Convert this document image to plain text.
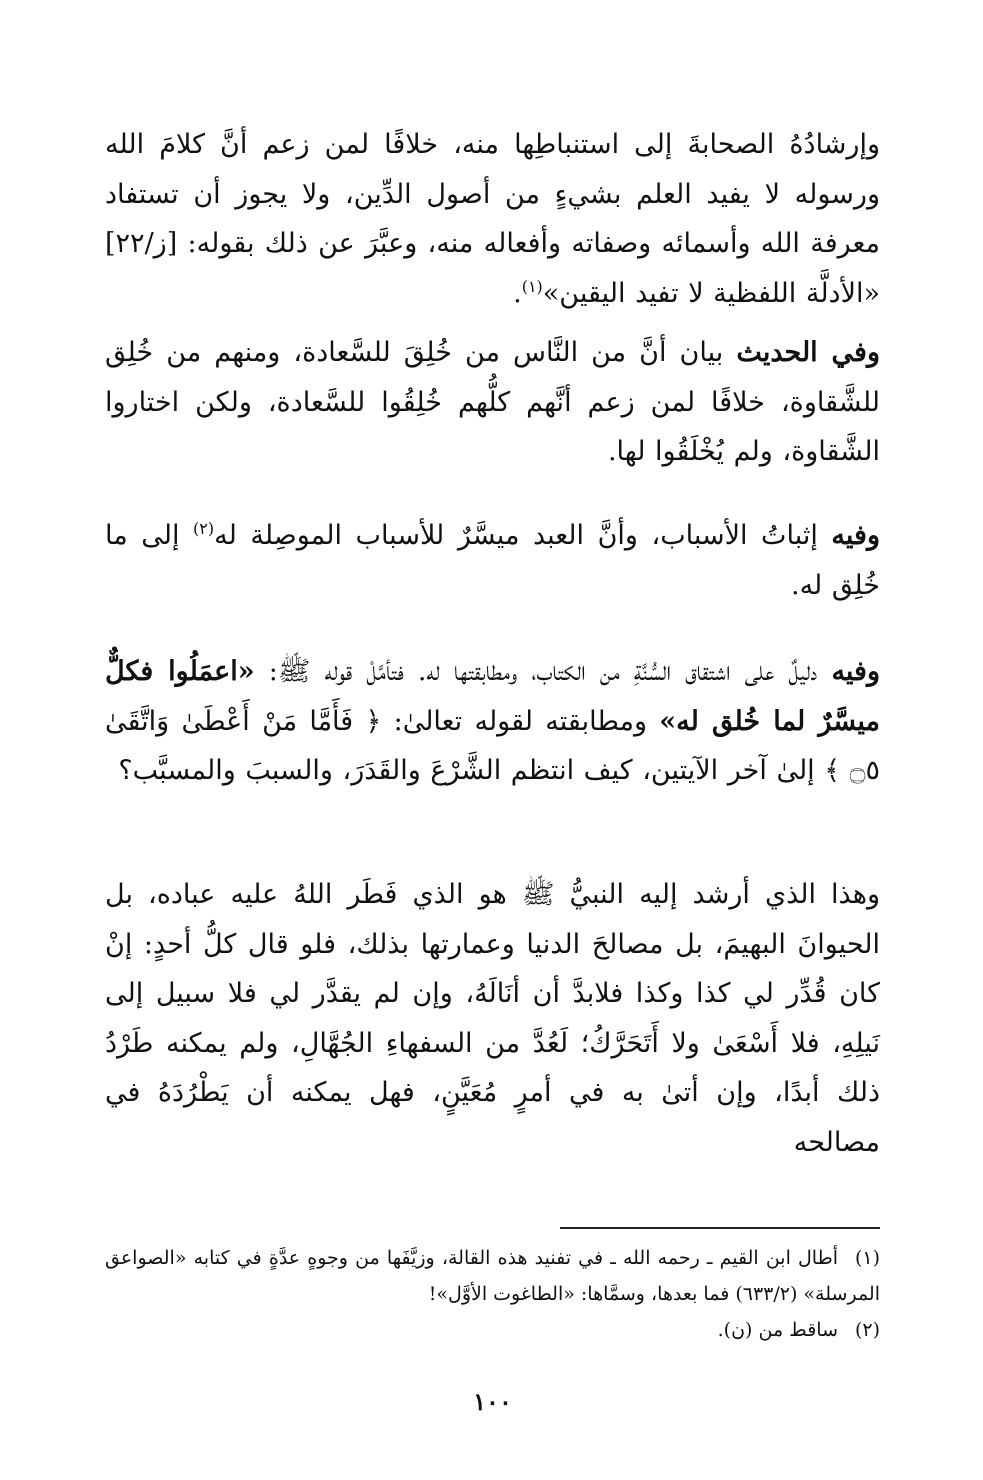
وإرشادُهُ الصحابةَ إلى استنباطِها منه، خلافًا لمن زعم أنَّ كلامَ الله ورسوله لا يفيد العلم بشيءٍ من أصول الدِّين، ولا يجوز أن تستفاد معرفة الله وأسمائه وصفاته وأفعاله منه، وعبَّرَ عن ذلك بقوله: [ز/٢٢] «الأدلَّة اللفظية لا تفيد اليقين»$^{(١)}$.

وفي الحديث بيان أنَّ من النَّاس من خُلِقَ للسَّعادة، ومنهم من خُلِق للشَّقاوة، خلافًا لمن زعم أنَّهم كلُّهم خُلِقُوا للسَّعادة، ولكن اختاروا الشَّقاوة، ولم يُخْلَقُوا لها.

وفيه إثباتُ الأسباب، وأنَّ العبد ميسَّرٌ للأسباب الموصِلة له$^{(٢)}$ إلى ما خُلِق له.

وفيه دليلٌ على اشتقاق السُّنَّةِ من الكتاب، ومطابقتها له. فتأمَّلْ قوله ﷺ: «اعمَلُوا فكلٌّ ميسَّرٌ لما خُلق له» ومطابقته لقوله تعالىٰ: ﴿ فَأَمَّا مَنْ أَعْطَىٰ وَاتَّقَىٰ ۝٥ ﴾ إلىٰ آخر الآيتين، كيف انتظم الشَّرْعَ والقَدَرَ، والسببَ والمسبَّب؟

وهذا الذي أرشد إليه النبيُّ ﷺ هو الذي فَطَر اللهُ عليه عباده، بل الحيوانَ البهيمَ، بل مصالحَ الدنيا وعمارتها بذلك، فلو قال كلُّ أحدٍ: إنْ كان قُدِّر لي كذا وكذا فلابدَّ أن أنَالَهُ، وإن لم يقدَّر لي فلا سبيل إلى نَيلِهِ، فلا أَسْعَىٰ ولا أَتَحَرَّكُ؛ لَعُدَّ من السفهاءِ الجُهَّالِ، ولم يمكنه طَرْدُ ذلك أبدًا، وإن أتىٰ به في أمرٍ مُعَيَّنٍ، فهل يمكنه أن يَطْرُدَهُ في مصالحه

(١)أطال ابن القيم ـ رحمه الله ـ في تفنيد هذه القالة، وزيَّفَها من وجوهٍ عدَّةٍ في كتابه «الصواعق المرسلة» (٦٣٣/٢) فما بعدها، وسمَّاها: «الطاغوت الأوَّل»!

(٢)ساقط من (ن).

١٠٠
